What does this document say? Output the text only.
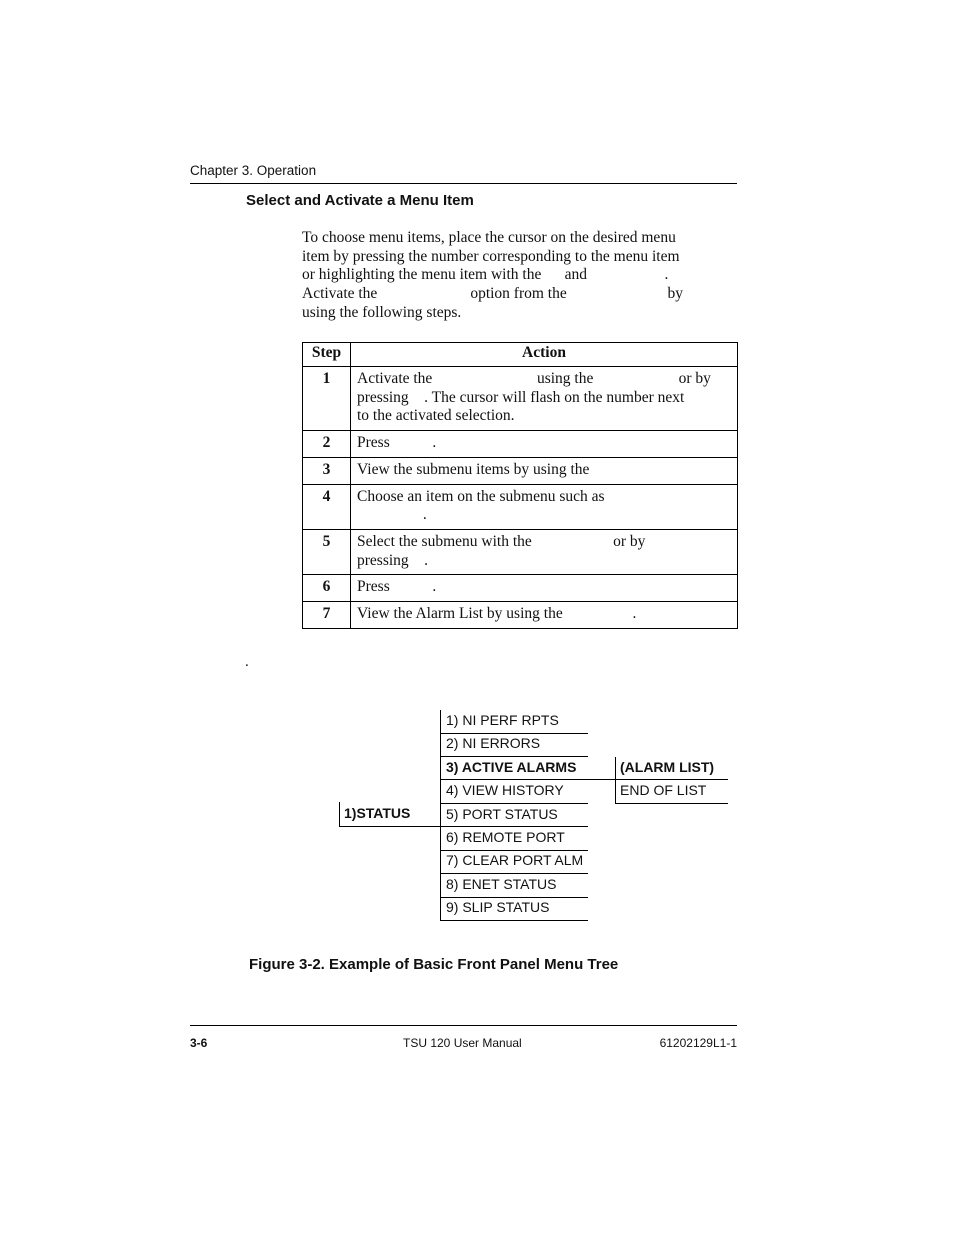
Chapter 3. Operation
Select and Activate a Menu Item
To choose menu items, place the cursor on the desired menu
item by pressing the number corresponding to the menu item
or highlighting the menu item with the      and                    .
Activate the                        option from the                          by
using the following steps.
Step	Action
1	Activate the                           using the                      or by
pressing    . The cursor will flash on the number next
to the activated selection.

2	Press           .

3	View the submenu items by using the

4	Choose an item on the submenu such as
.

5	Select the submenu with the                     or by
pressing    .

6	Press           .

7	View the Alarm List by using the                  .
.
1)STATUS
1) NI PERF RPTS
2) NI ERRORS
3) ACTIVE ALARMS
4) VIEW HISTORY
5) PORT STATUS
6) REMOTE PORT
7) CLEAR PORT ALM
8) ENET STATUS
9) SLIP STATUS
(ALARM LIST)
END OF LIST
Figure 3-2. Example of Basic Front Panel Menu Tree
3-6	TSU 120 User Manual	61202129L1-1
